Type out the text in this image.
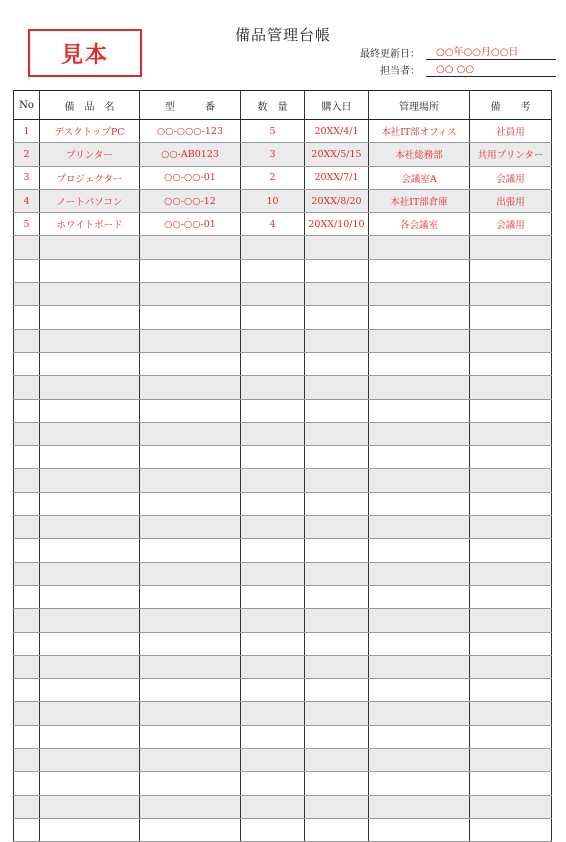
見本
備品管理台帳
最終更新日：	○○年○○月○○日
担当者：	○○ ○○
No	備　品　名	型　　　番	数　量	購入日	管理場所	備　　考
1	デスクトップPC	○○-○○○-123	5	20XX/4/1	本社IT部オフィス	社員用
2	プリンター	○○-AB0123	3	20XX/5/15	本社総務部	共用プリンター
3	プロジェクター	○○-○○-01	2	20XX/7/1	会議室A	会議用
4	ノートパソコン	○○-○○-12	10	20XX/8/20	本社IT部倉庫	出張用
5	ホワイトボード	○○-○○-01	4	20XX/10/10	各会議室	会議用
